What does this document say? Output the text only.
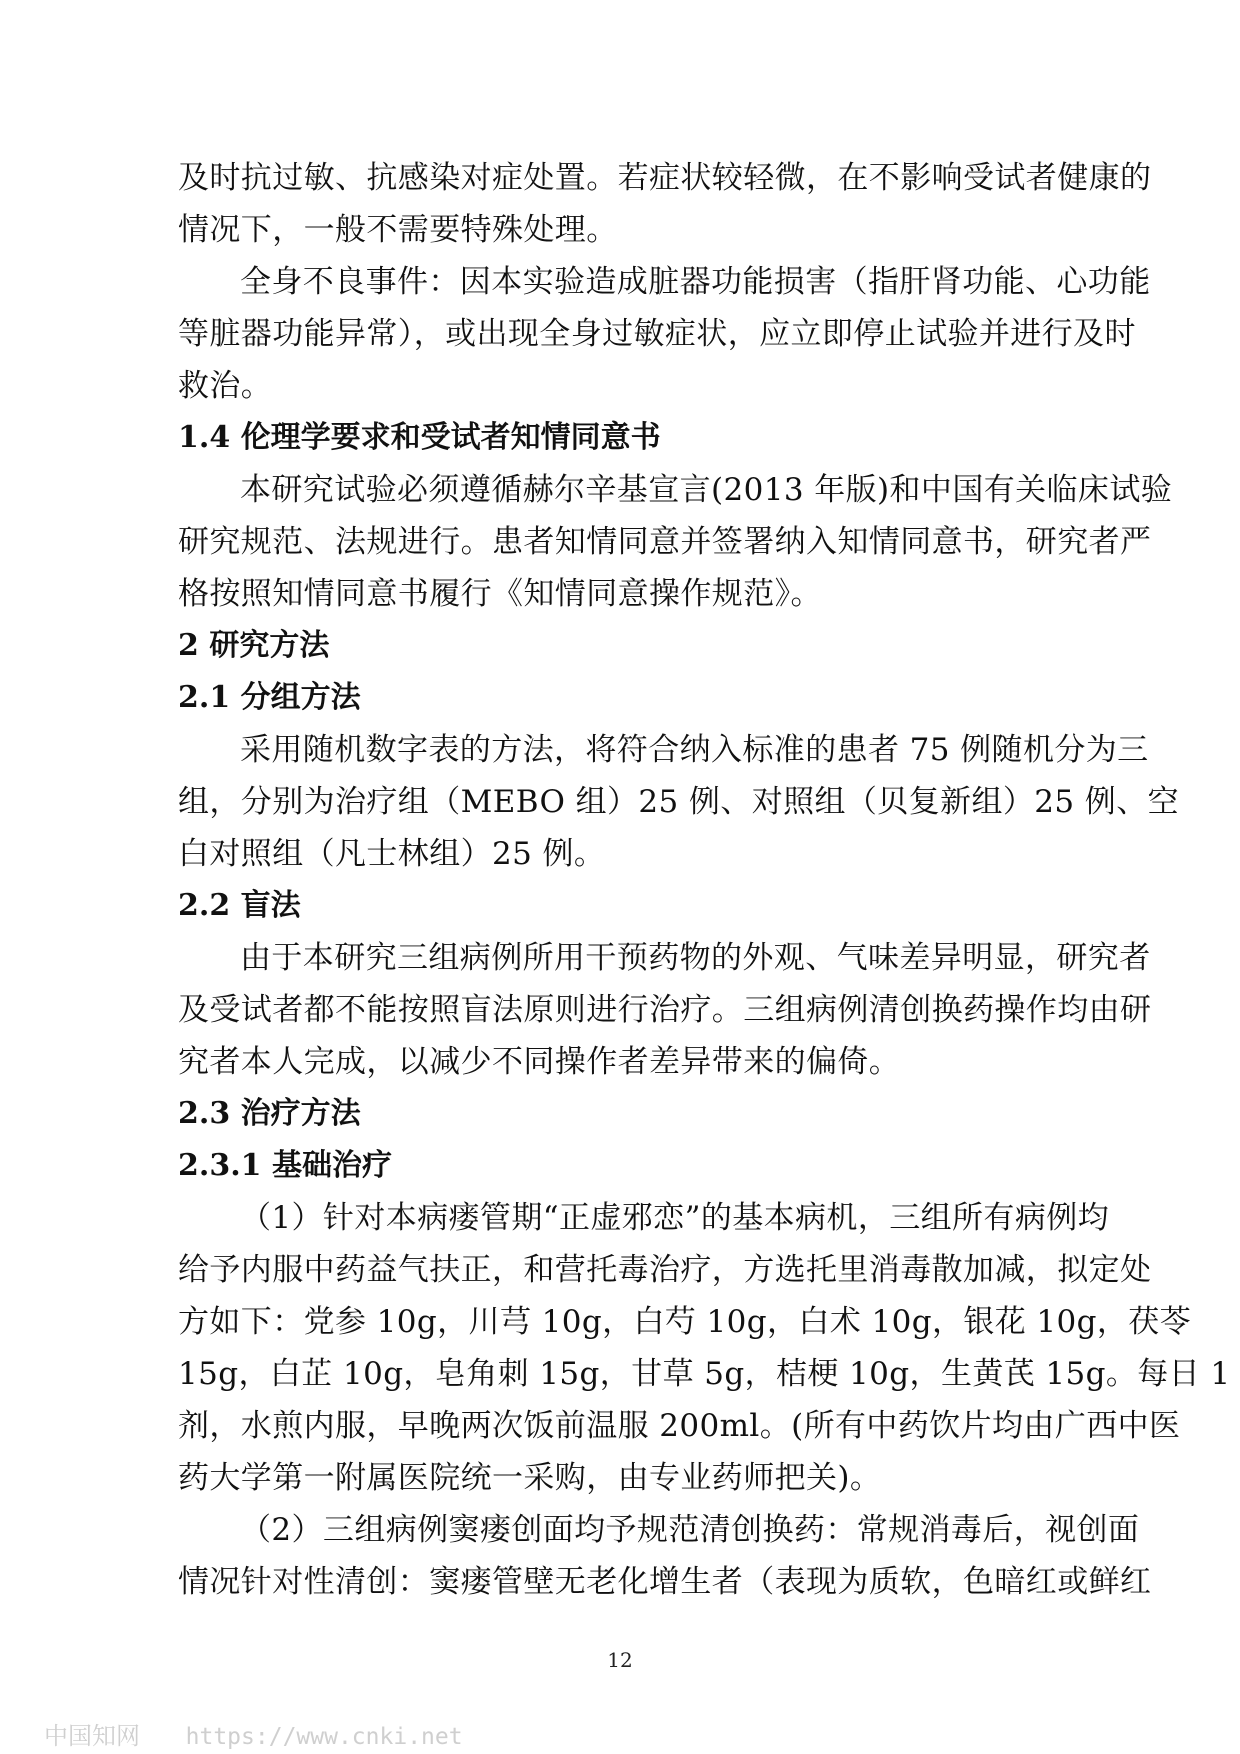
及时抗过敏、抗感染对症处置。若症状较轻微，在不影响受试者健康的
情况下，一般不需要特殊处理。
全身不良事件：因本实验造成脏器功能损害（指肝肾功能、心功能
等脏器功能异常），或出现全身过敏症状，应立即停止试验并进行及时
救治。
1.4 伦理学要求和受试者知情同意书
本研究试验必须遵循赫尔辛基宣言(2013 年版)和中国有关临床试验
研究规范、法规进行。患者知情同意并签署纳入知情同意书，研究者严
格按照知情同意书履行《知情同意操作规范》。
2 研究方法
2.1 分组方法
采用随机数字表的方法，将符合纳入标准的患者 75 例随机分为三
组，分别为治疗组（MEBO 组）25 例、对照组（贝复新组）25 例、空
白对照组（凡士林组）25 例。
2.2 盲法
由于本研究三组病例所用干预药物的外观、气味差异明显，研究者
及受试者都不能按照盲法原则进行治疗。三组病例清创换药操作均由研
究者本人完成，以减少不同操作者差异带来的偏倚。
2.3 治疗方法
2.3.1 基础治疗
（1）针对本病瘘管期“正虚邪恋”的基本病机，三组所有病例均
给予内服中药益气扶正，和营托毒治疗，方选托里消毒散加减，拟定处
方如下：党参 10g，川芎 10g，白芍 10g，白术 10g，银花 10g，茯苓
15g，白芷 10g，皂角刺 15g，甘草 5g，桔梗 10g，生黄芪 15g。每日 1
剂，水煎内服，早晚两次饭前温服 200ml。(所有中药饮片均由广西中医
药大学第一附属医院统一采购，由专业药师把关)。
（2）三组病例窦瘘创面均予规范清创换药：常规消毒后，视创面
情况针对性清创：窦瘘管壁无老化增生者（表现为质软，色暗红或鲜红
12
中国知网 https://www.cnki.net
